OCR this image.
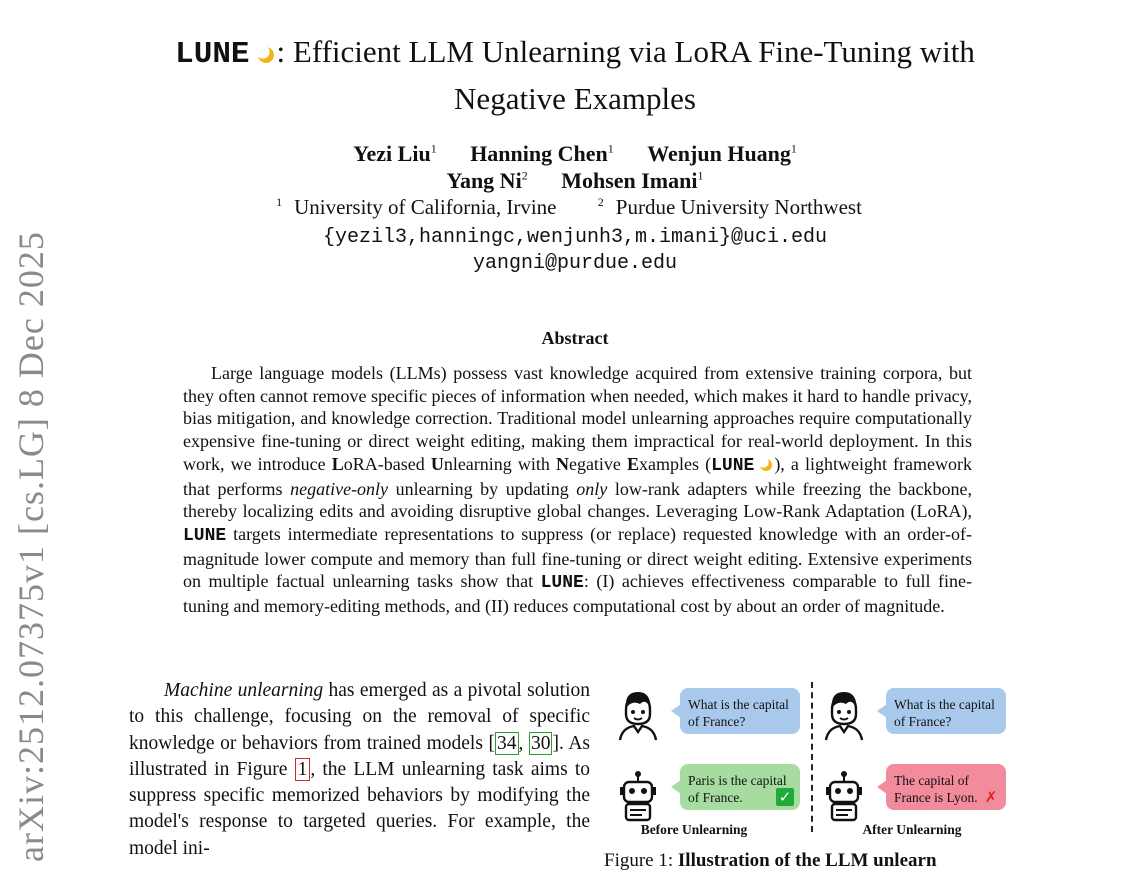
arXiv:2512.07375v1 [cs.LG] 8 Dec 2025
LUNE : Efficient LLM Unlearning via LoRA Fine-Tuning with
Negative Examples
Yezi Liu$^1$ Hanning Chen$^1$ Wenjun Huang$^1$
Yang Ni$^2$ Mohsen Imani$^1$
$^1$ University of California, Irvine	$^2$ Purdue University Northwest
{yezil3,hanningc,wenjunh3,m.imani}@uci.edu
yangni@purdue.edu
Abstract

Large language models (LLMs) possess vast knowledge acquired from extensive training corpora, but they often cannot remove specific pieces of information when needed, which makes it hard to handle privacy, bias mitigation, and knowledge correction. Traditional model unlearning approaches require computationally expensive fine-tuning or direct weight editing, making them impractical for real-world deployment. In this work, we introduce LoRA-based Unlearning with Negative Examples (LUNE ), a lightweight framework that performs negative-only unlearning by updating only low-rank adapters while freezing the backbone, thereby localizing edits and avoiding disruptive global changes. Leveraging Low-Rank Adaptation (LoRA), LUNE targets intermediate representations to suppress (or replace) requested knowledge with an order-of-magnitude lower compute and memory than full fine-tuning or direct weight editing. Extensive experiments on multiple factual unlearning tasks show that LUNE: (I) achieves effectiveness comparable to full fine-tuning and memory-editing methods, and (II) reduces computational cost by about an order of magnitude.

Machine unlearning has emerged as a pivotal solution to this challenge, focusing on the removal of specific knowledge or behaviors from trained models [ 34 , 30 ]. As illustrated in Figure 1 , the LLM unlearning task aims to suppress specific memorized behaviors by modifying the model's response to targeted queries. For example, the model ini-

What is the capital of France?
Paris is the capital of France. ✓
Before Unlearning
What is the capital of France?
The capital of France is Lyon. ✗
After Unlearning
Figure 1: Illustration of the LLM unlearn
